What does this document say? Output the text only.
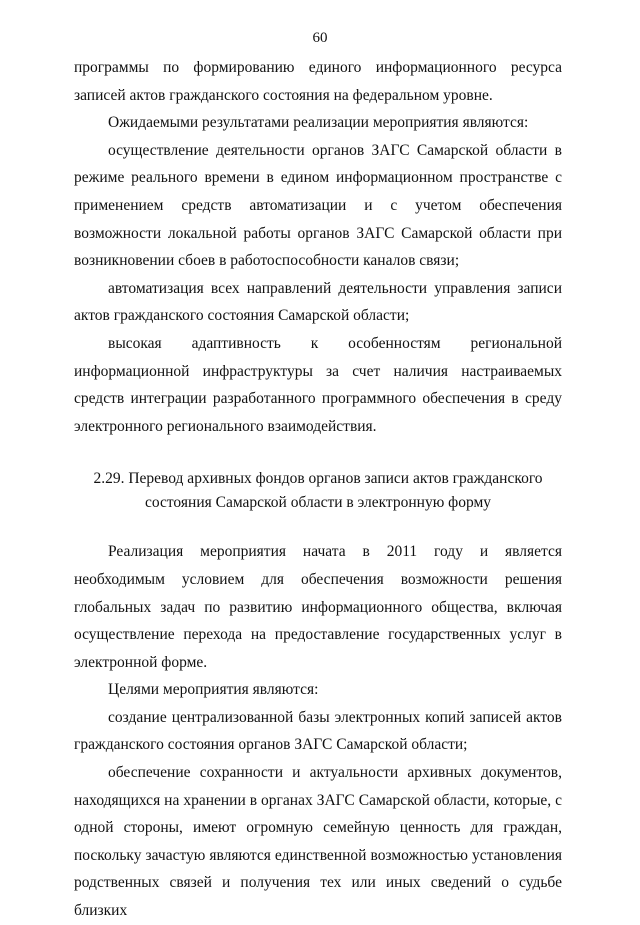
60

программы по формированию единого информационного ресурса записей актов гражданского состояния на федеральном уровне.

Ожидаемыми результатами реализации мероприятия являются:

осуществление деятельности органов ЗАГС Самарской области в режиме реального времени в едином информационном пространстве с применением средств автоматизации и с учетом обеспечения возможности локальной работы органов ЗАГС Самарской области при возникновении сбоев в работоспособности каналов связи;

автоматизация всех направлений деятельности управления записи актов гражданского состояния Самарской области;

высокая адаптивность к особенностям региональной информационной инфраструктуры за счет наличия настраиваемых средств интеграции разработанного программного обеспечения в среду электронного регионального взаимодействия.

2.29. Перевод архивных фондов органов записи актов гражданского
состояния Самарской области в электронную форму

Реализация мероприятия начата в 2011 году и является необходимым условием для обеспечения возможности решения глобальных задач по развитию информационного общества, включая осуществление перехода на предоставление государственных услуг в электронной форме.

Целями мероприятия являются:

создание централизованной базы электронных копий записей актов гражданского состояния органов ЗАГС Самарской области;

обеспечение сохранности и актуальности архивных документов, находящихся на хранении в органах ЗАГС Самарской области, которые, с одной стороны, имеют огромную семейную ценность для граждан, поскольку зачастую являются единственной возможностью установления родственных связей и получения тех или иных сведений о судьбе близких
